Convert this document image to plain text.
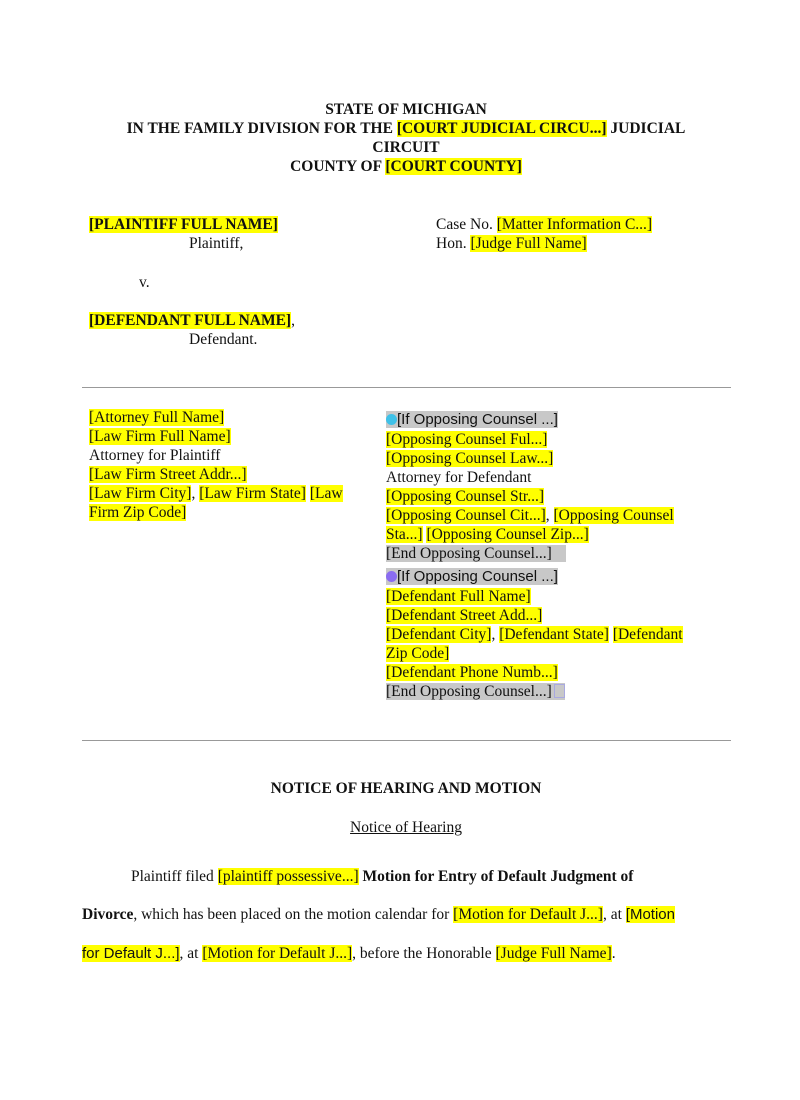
STATE OF MICHIGAN
IN THE FAMILY DIVISION FOR THE [COURT JUDICIAL CIRCU...] JUDICIAL
CIRCUIT
COUNTY OF [COURT COUNTY]
[PLAINTIFF FULL NAME]
Plaintiff,
v.
[DEFENDANT FULL NAME],
Defendant.
Case No. [Matter Information C...]
Hon. [Judge Full Name]
[Attorney Full Name]
[Law Firm Full Name]
Attorney for Plaintiff
[Law Firm Street Addr...]
[Law Firm City], [Law Firm State] [Law
Firm Zip Code]
[If Opposing Counsel ...]
[Opposing Counsel Ful...]
[Opposing Counsel Law...]
Attorney for Defendant
[Opposing Counsel Str...]
[Opposing Counsel Cit...], [Opposing Counsel
Sta...] [Opposing Counsel Zip...]
[End Opposing Counsel...]
[If Opposing Counsel ...]
[Defendant Full Name]
[Defendant Street Add...]
[Defendant City], [Defendant State] [Defendant
Zip Code]
[Defendant Phone Numb...]
[End Opposing Counsel...]
NOTICE OF HEARING AND MOTION
Notice of Hearing
Plaintiff filed [plaintiff possessive...] Motion for Entry of Default Judgment of
Divorce, which has been placed on the motion calendar for [Motion for Default J...], at [Motion
for Default J...], at [Motion for Default J...], before the Honorable [Judge Full Name].
